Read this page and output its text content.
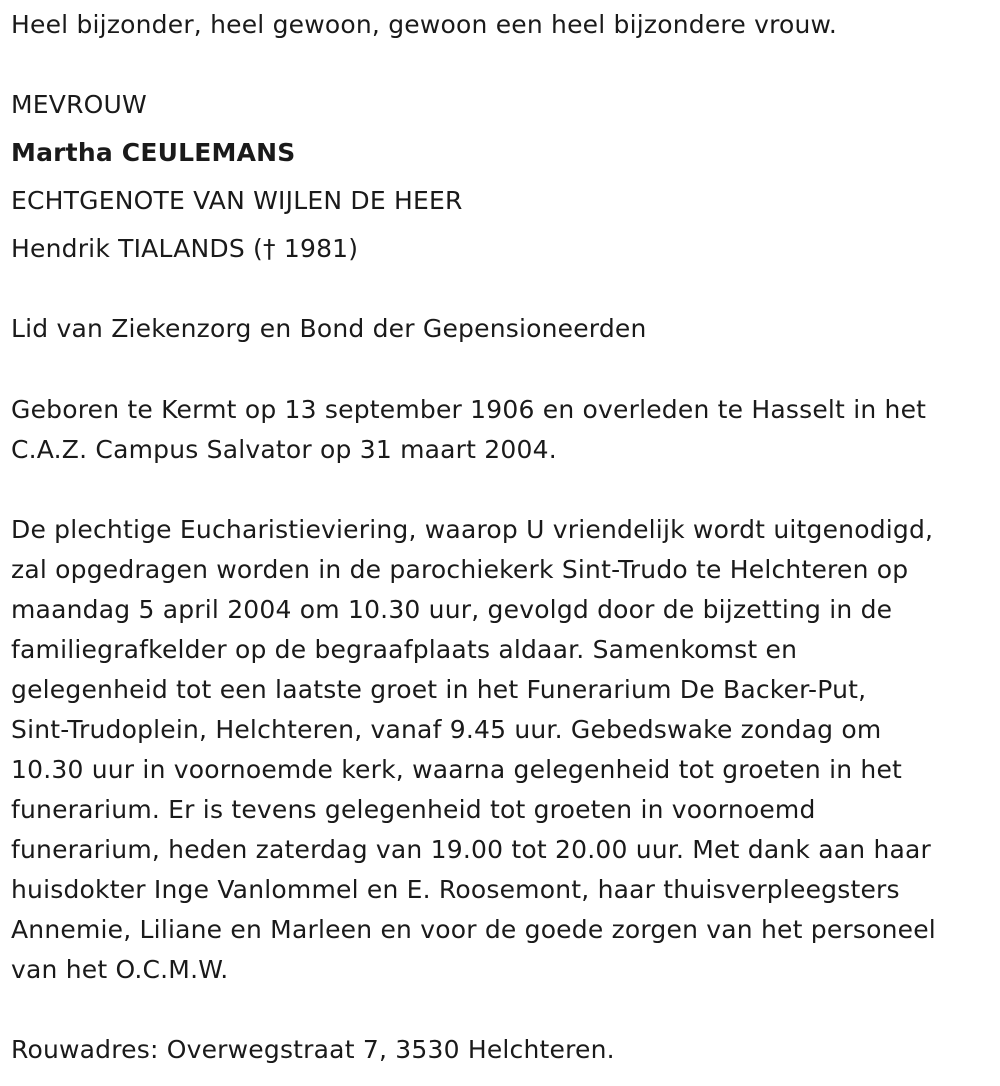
Heel bijzonder, heel gewoon, gewoon een heel bijzondere vrouw.
MEVROUW
Martha CEULEMANS
ECHTGENOTE VAN WIJLEN DE HEER
Hendrik TIALANDS († 1981)
Lid van Ziekenzorg en Bond der Gepensioneerden
Geboren te Kermt op 13 september 1906 en overleden te Hasselt in het
C.A.Z. Campus Salvator op 31 maart 2004.
De plechtige Eucharistieviering, waarop U vriendelijk wordt uitgenodigd,
zal opgedragen worden in de parochiekerk Sint-Trudo te Helchteren op
maandag 5 april 2004 om 10.30 uur, gevolgd door de bijzetting in de
familiegrafkelder op de begraafplaats aldaar. Samenkomst en
gelegenheid tot een laatste groet in het Funerarium De Backer-Put,
Sint-Trudoplein, Helchteren, vanaf 9.45 uur. Gebedswake zondag om
10.30 uur in voornoemde kerk, waarna gelegenheid tot groeten in het
funerarium. Er is tevens gelegenheid tot groeten in voornoemd
funerarium, heden zaterdag van 19.00 tot 20.00 uur. Met dank aan haar
huisdokter Inge Vanlommel en E. Roosemont, haar thuisverpleegsters
Annemie, Liliane en Marleen en voor de goede zorgen van het personeel
van het O.C.M.W.
Rouwadres: Overwegstraat 7, 3530 Helchteren.
